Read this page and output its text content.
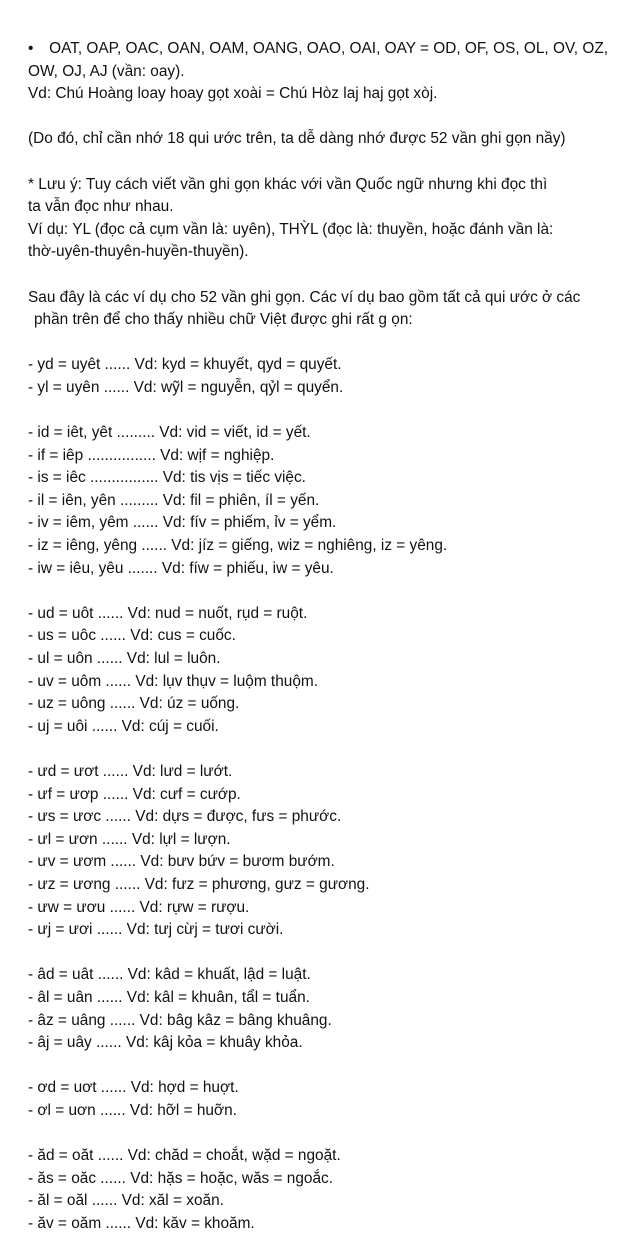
•	OAT, OAP, OAC, OAN, OAM, OANG, OAO, OAI, OAY = OD, OF, OS, OL, OV, OZ,
OW, OJ, AJ (vần: oay).
Vd: Chú Hoàng loay hoay gọt xoài = Chú Hòz laj haj gọt xòj.
(Do đó, chỉ cần nhớ 18 qui ước trên, ta dễ dàng nhớ được 52 vần ghi gọn nầy)
* Lưu ý: Tuy cách viết vần ghi gọn khác với vần Quốc ngữ nhưng khi đọc thì
ta vẫn đọc như nhau.
Ví dụ: YL (đọc cả cụm vần là: uyên), THỲL (đọc là: thuyền, hoặc đánh vần là:
thờ-uyên-thuyên-huyền-thuyền).
Sau đây là các ví dụ cho 52 vần ghi gọn. Các ví dụ bao gồm tất cả qui ước ở các
phần trên để cho thấy nhiều chữ Việt được ghi rất g ọn:
- yd = uyêt ...... Vd: kyd = khuyết, qyd = quyết.
- yl = uyên ...... Vd: wỹl = nguyễn, qỷl = quyển.
- id = iêt, yêt ......... Vd: vid = viết, id = yết.
- if = iêp ................ Vd: wịf = nghiệp.
- is = iêc ................ Vd: tis vịs = tiếc việc.
- il = iên, yên ......... Vd: fil = phiên, íl = yến.
- iv = iêm, yêm ...... Vd: fív = phiếm, ỉv = yểm.
- iz = iêng, yêng ...... Vd: jíz = giếng, wiz = nghiêng, iz = yêng.
- iw = iêu, yêu ....... Vd: fíw = phiếu, iw = yêu.
- ud = uôt ...... Vd: nud = nuốt, rụd = ruột.
- us = uôc ...... Vd: cus = cuốc.
- ul = uôn ...... Vd: lul = luôn.
- uv = uôm ...... Vd: lụv thụv = luộm thuộm.
- uz = uông ...... Vd: úz = uống.
- uj = uôi ...... Vd: cúj = cuối.
- ưd = ươt ...... Vd: lưd = lướt.
- ưf = ươp ...... Vd: cưf = cướp.
- ưs = ươc ...... Vd: dựs = được, fưs = phước.
- ưl = ươn ...... Vd: lựl = lượn.
- ưv = ươm ...... Vd: bưv bứv = bươm bướm.
- ưz = ương ...... Vd: fưz = phương, gưz = gương.
- ưw = ươu ...... Vd: rựw = rượu.
- ưj = ươi ...... Vd: tưj cừj = tươi cười.
- âd = uât ...... Vd: kâd = khuất, lậd = luật.
- âl = uân ...... Vd: kâl = khuân, tẩl = tuẩn.
- âz = uâng ...... Vd: bâg kâz = bâng khuâng.
- âj = uây ...... Vd: kâj kỏa = khuây khỏa.
- ơd = uơt ...... Vd: hợd = huợt.
- ơl = uơn ...... Vd: hỡl = huỡn.
- ăd = oăt ...... Vd: chăd = choắt, wặd = ngoặt.
- ăs = oăc ...... Vd: hặs = hoặc, wăs = ngoắc.
- ăl = oăl ...... Vd: xăl = xoăn.
- ăv = oăm ...... Vd: kăv = khoăm.
